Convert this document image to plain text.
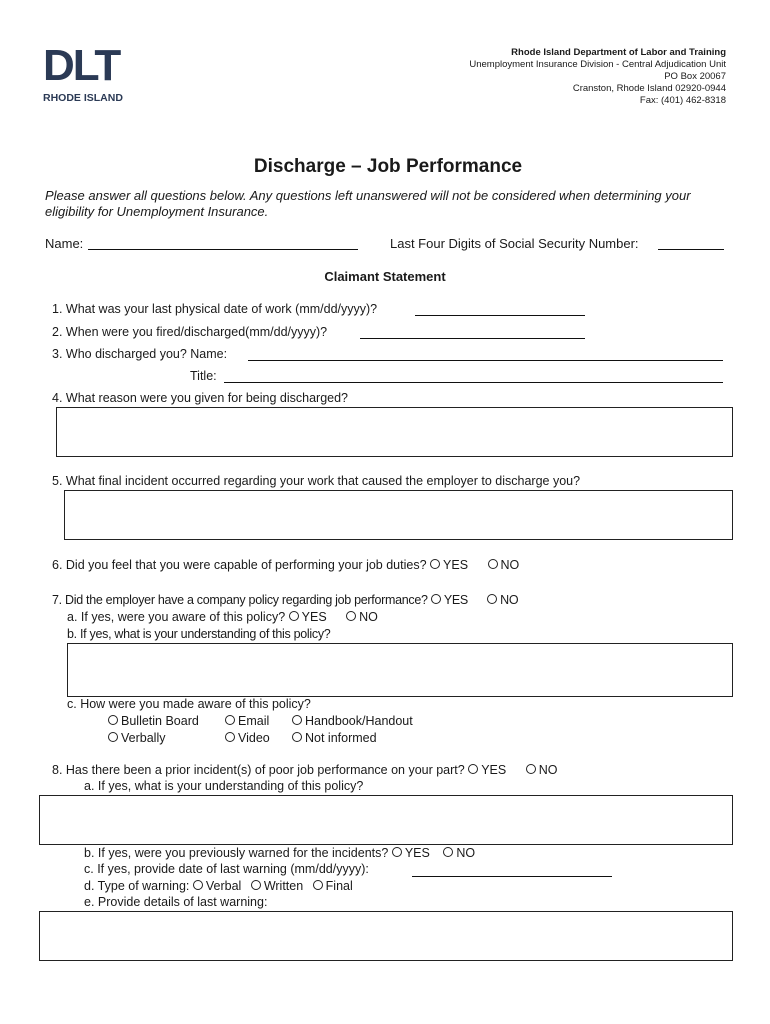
DLT
RHODE ISLAND
Rhode Island Department of Labor and Training
Unemployment Insurance Division - Central Adjudication Unit
PO Box 20067
Cranston, Rhode Island 02920-0944
Fax: (401) 462-8318
Discharge – Job Performance
Please answer all questions below. Any questions left unanswered will not be considered when determining your eligibility for Unemployment Insurance.
Name:	Last Four Digits of Social Security Number:
Claimant Statement
1. What was your last physical date of work (mm/dd/yyyy)?
2. When were you fired/discharged(mm/dd/yyyy)?
3. Who discharged you? Name:
Title:
4. What reason were you given for being discharged?
5. What final incident occurred regarding your work that caused the employer to discharge you?
6. Did you feel that you were capable of performing your job duties? YES	NO
7. Did the employer have a company policy regarding job performance? YES	NO
a. If yes, were you aware of this policy? YES	NO
b. If yes, what is your understanding of this policy?
c. How were you made aware of this policy?
Bulletin Board	Email	Handbook/Handout
Verbally	Video	Not informed
8. Has there been a prior incident(s) of poor job performance on your part? YES	NO
a. If yes, what is your understanding of this policy?
b. If yes, were you previously warned for the incidents? YES NO
c. If yes, provide date of last warning (mm/dd/yyyy):
d. Type of warning: Verbal Written Final
e. Provide details of last warning:
